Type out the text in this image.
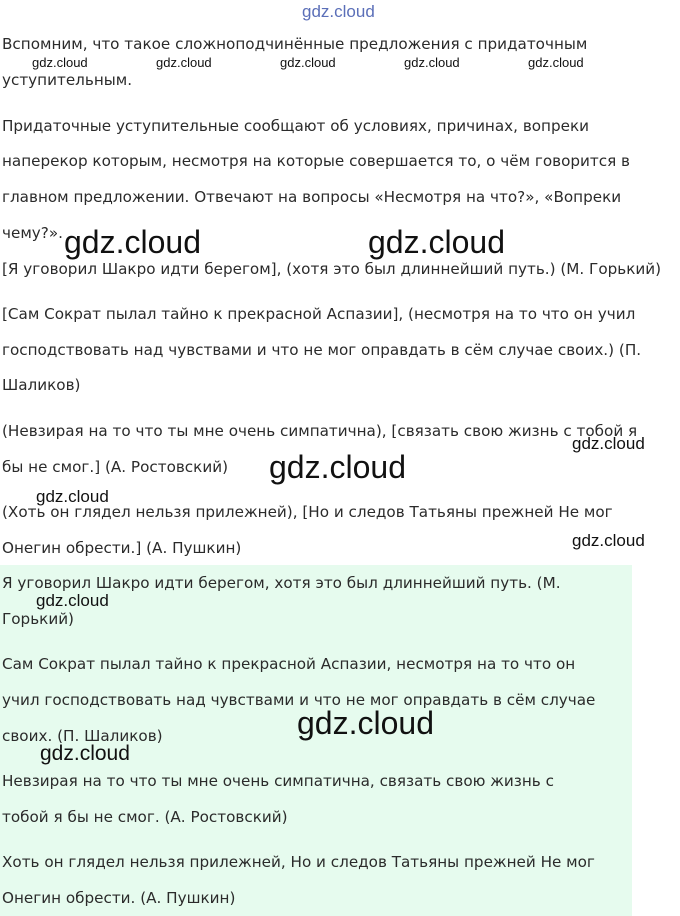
Вспомним, что такое сложноподчинённые предложения с придаточным

уступительным.

Придаточные уступительные сообщают об условиях, причинах, вопреки

наперекор которым, несмотря на которые совершается то, о чём говорится в

главном предложении. Отвечают на вопросы «Несмотря на что?», «Вопреки

чему?».

[Я уговорил Шакро идти берегом], (хотя это был длиннейший путь.) (М. Горький)

[Сам Сократ пылал тайно к прекрасной Аспазии], (несмотря на то что он учил

господствовать над чувствами и что не мог оправдать в сём случае своих.) (П.

Шаликов)

(Невзирая на то что ты мне очень симпатична), [связать свою жизнь с тобой я

бы не смог.] (А. Ростовский)

(Хоть он глядел нельзя прилежней), [Но и следов Татьяны прежней Не мог

Онегин обрести.] (А. Пушкин)

Я уговорил Шакро идти берегом, хотя это был длиннейший путь. (М.

Горький)

Сам Сократ пылал тайно к прекрасной Аспазии, несмотря на то что он

учил господствовать над чувствами и что не мог оправдать в сём случае

своих. (П. Шаликов)

Невзирая на то что ты мне очень симпатична, связать свою жизнь с

тобой я бы не смог. (А. Ростовский)

Хоть он глядел нельзя прилежней, Но и следов Татьяны прежней Не мог

Онегин обрести. (А. Пушкин)

gdz.cloud
gdz.cloud	gdz.cloud	gdz.cloud	gdz.cloud	gdz.cloud
gdz.cloud	gdz.cloud
gdz.cloud
gdz.cloud
gdz.cloud
gdz.cloud
gdz.cloud
gdz.cloud
gdz.cloud
